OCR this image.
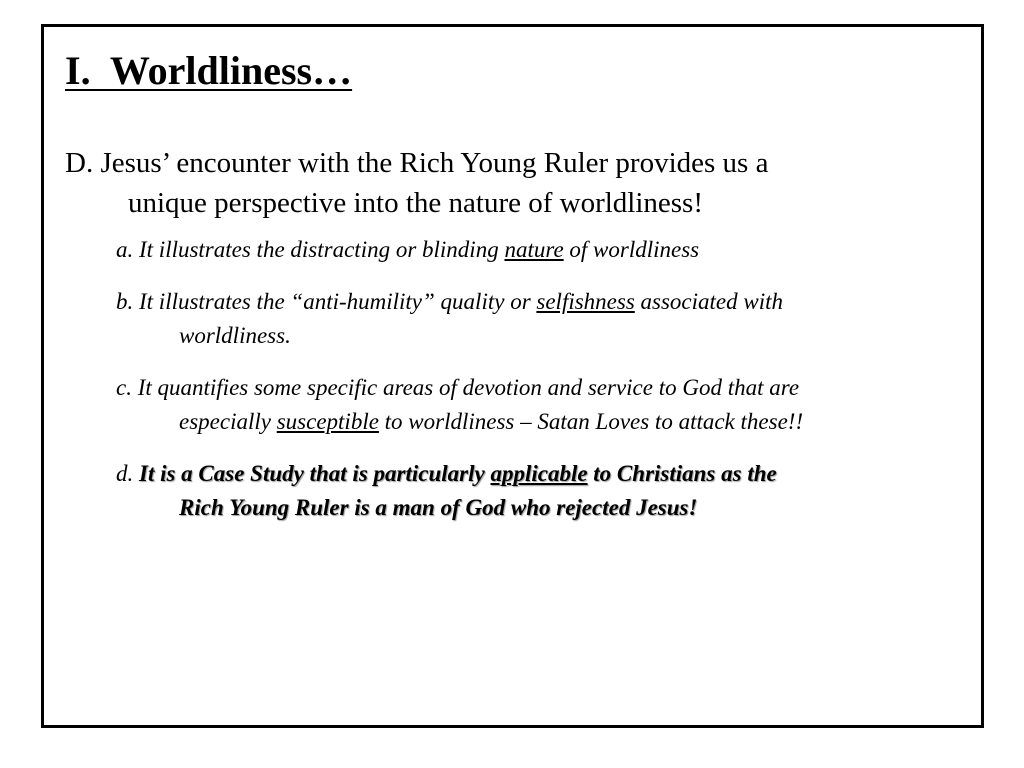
I.  Worldliness…
D. Jesus’ encounter with the Rich Young Ruler provides us a
unique perspective into the nature of worldliness!
a. It illustrates the distracting or blinding nature of worldliness
b. It illustrates the “anti-humility” quality or selfishness associated with
worldliness.
c. It quantifies some specific areas of devotion and service to God that are
especially susceptible to worldliness – Satan Loves to attack these!!
d. It is a Case Study that is particularly applicable to Christians as the
Rich Young Ruler is a man of God who rejected Jesus!
